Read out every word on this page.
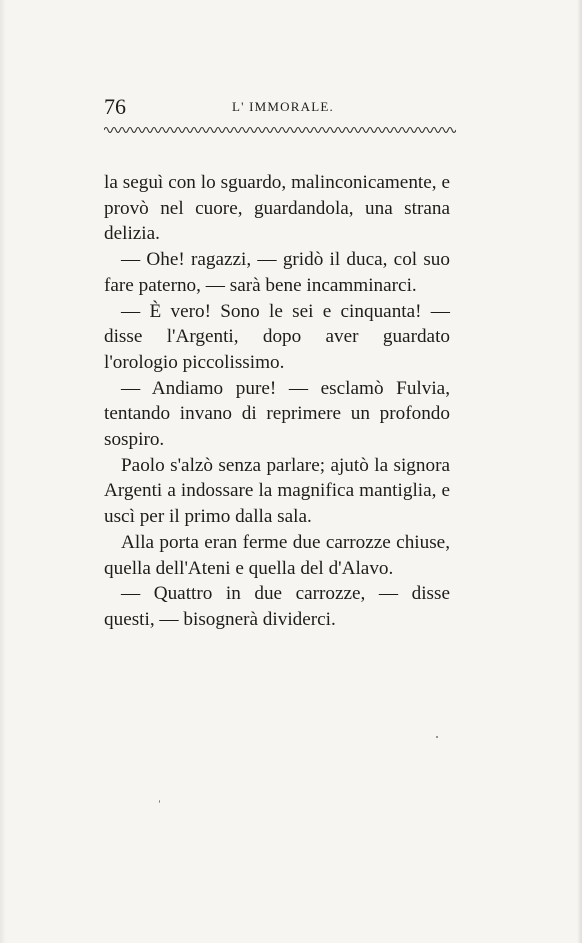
76	L' IMMORALE.

la seguì con lo sguardo, malinconicamente, e provò nel cuore, guardandola, una strana delizia.

— Ohe! ragazzi, — gridò il duca, col suo fare paterno, — sarà bene incamminarci.

— È vero! Sono le sei e cinquanta! — disse l'Argenti, dopo aver guardato l'orologio piccolissimo.

— Andiamo pure! — esclamò Fulvia, tentando invano di reprimere un profondo sospiro.

Paolo s'alzò senza parlare; ajutò la signora Argenti a indossare la magnifica mantiglia, e uscì per il primo dalla sala.

Alla porta eran ferme due carrozze chiuse, quella dell'Ateni e quella del d'Alavo.

— Quattro in due carrozze, — disse questi, — bisognerà dividerci.
